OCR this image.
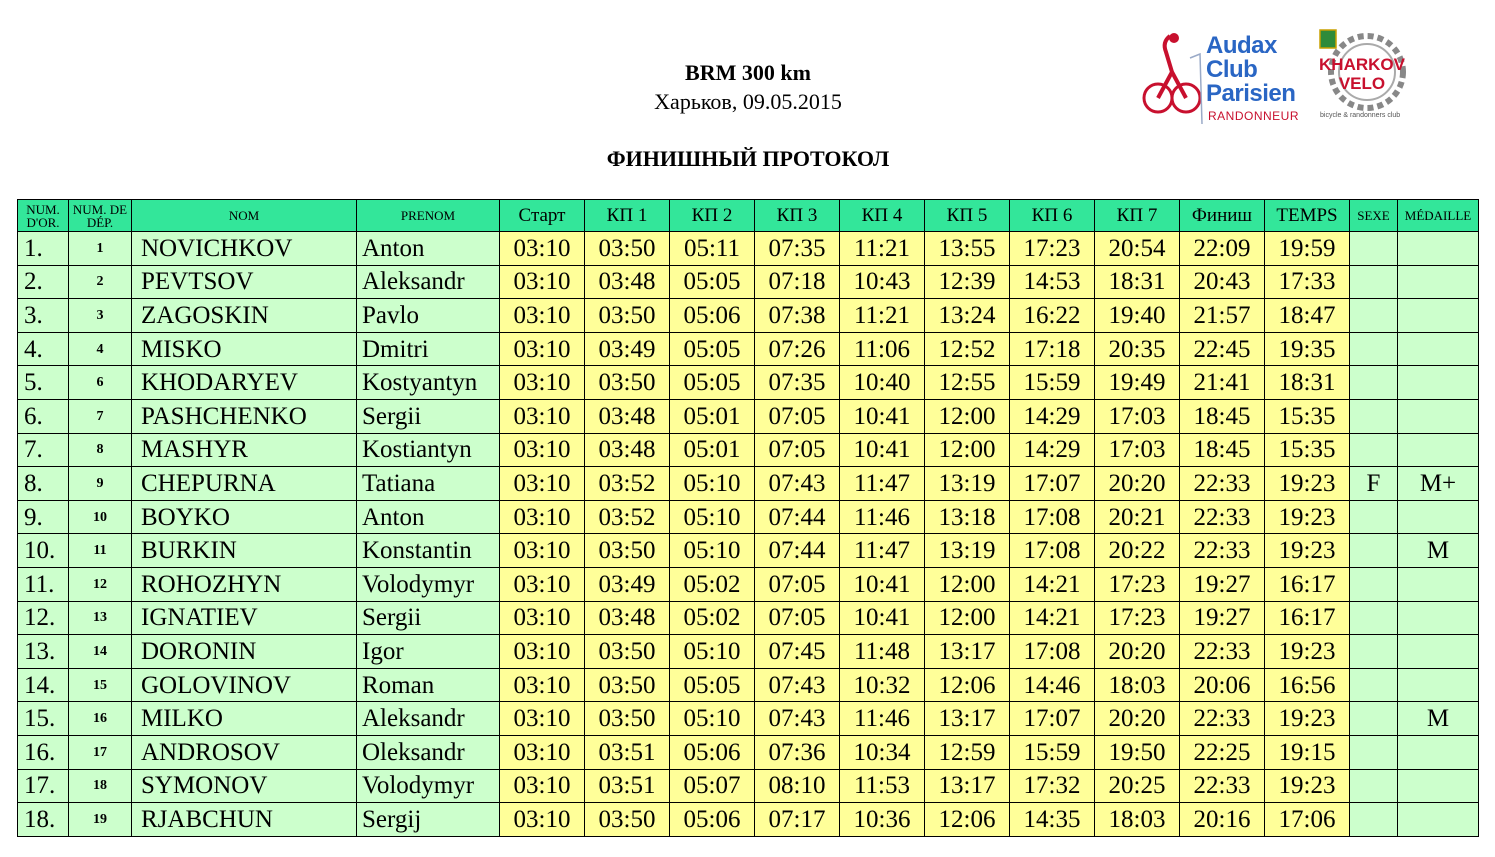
BRM 300 km
Харьков, 09.05.2015
ФИНИШНЫЙ ПРОТОКОЛ
Audax
Club
Parisien
RANDONNEUR
KHARKOV
VELO
bicycle & randonners club
NUM. D'OR.	NUM. DE DÉP.	NOM	PRENOM	Старт	КП 1	КП 2	КП 3	КП 4	КП 5	КП 6	КП 7	Финиш	TEMPS	SEXE	MÉDAILLE
1.	1	NOVICHKOV	Anton	03:10	03:50	05:11	07:35	11:21	13:55	17:23	20:54	22:09	19:59		
2.	2	PEVTSOV	Aleksandr	03:10	03:48	05:05	07:18	10:43	12:39	14:53	18:31	20:43	17:33		
3.	3	ZAGOSKIN	Pavlo	03:10	03:50	05:06	07:38	11:21	13:24	16:22	19:40	21:57	18:47		
4.	4	MISKO	Dmitri	03:10	03:49	05:05	07:26	11:06	12:52	17:18	20:35	22:45	19:35		
5.	6	KHODARYEV	Kostyantyn	03:10	03:50	05:05	07:35	10:40	12:55	15:59	19:49	21:41	18:31		
6.	7	PASHCHENKO	Sergii	03:10	03:48	05:01	07:05	10:41	12:00	14:29	17:03	18:45	15:35		
7.	8	MASHYR	Kostiantyn	03:10	03:48	05:01	07:05	10:41	12:00	14:29	17:03	18:45	15:35		
8.	9	CHEPURNA	Tatiana	03:10	03:52	05:10	07:43	11:47	13:19	17:07	20:20	22:33	19:23	F	M+
9.	10	BOYKO	Anton	03:10	03:52	05:10	07:44	11:46	13:18	17:08	20:21	22:33	19:23		
10.	11	BURKIN	Konstantin	03:10	03:50	05:10	07:44	11:47	13:19	17:08	20:22	22:33	19:23		M
11.	12	ROHOZHYN	Volodymyr	03:10	03:49	05:02	07:05	10:41	12:00	14:21	17:23	19:27	16:17		
12.	13	IGNATIEV	Sergii	03:10	03:48	05:02	07:05	10:41	12:00	14:21	17:23	19:27	16:17		
13.	14	DORONIN	Igor	03:10	03:50	05:10	07:45	11:48	13:17	17:08	20:20	22:33	19:23		
14.	15	GOLOVINOV	Roman	03:10	03:50	05:05	07:43	10:32	12:06	14:46	18:03	20:06	16:56		
15.	16	MILKO	Aleksandr	03:10	03:50	05:10	07:43	11:46	13:17	17:07	20:20	22:33	19:23		M
16.	17	ANDROSOV	Oleksandr	03:10	03:51	05:06	07:36	10:34	12:59	15:59	19:50	22:25	19:15		
17.	18	SYMONOV	Volodymyr	03:10	03:51	05:07	08:10	11:53	13:17	17:32	20:25	22:33	19:23		
18.	19	RJABCHUN	Sergij	03:10	03:50	05:06	07:17	10:36	12:06	14:35	18:03	20:16	17:06		
